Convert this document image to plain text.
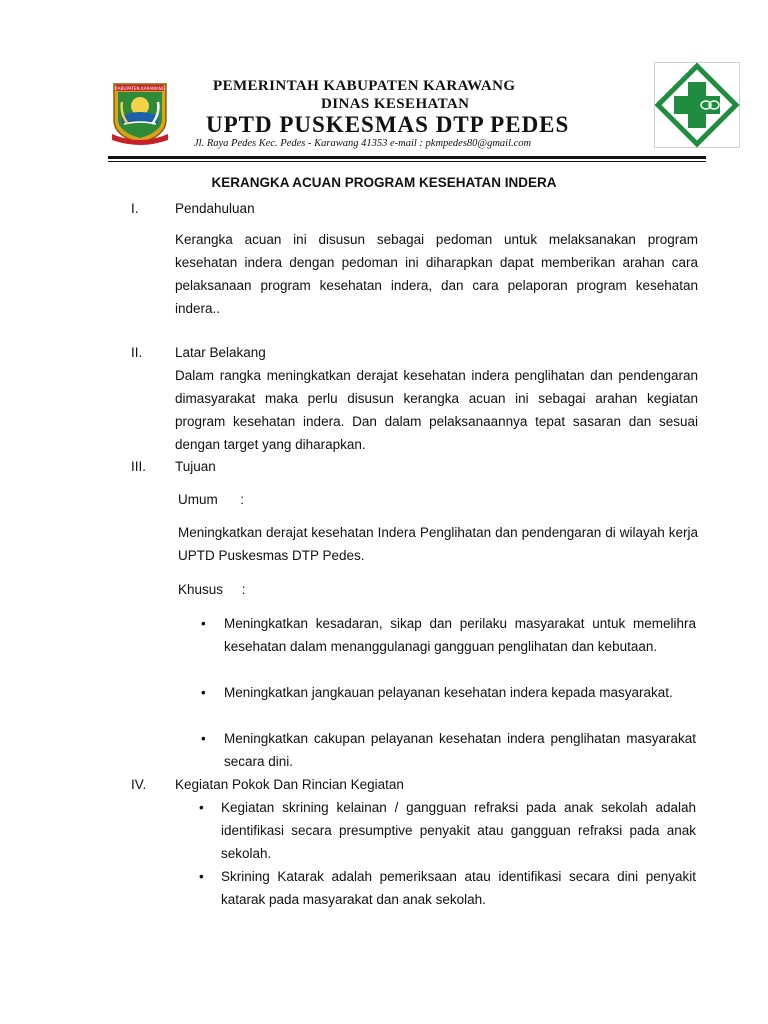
KABUPATEN KARAWANG	PEMERINTAH KABUPATEN KARAWANG
DINAS KESEHATAN
UPTD PUSKESMAS DTP PEDES
Jl. Raya Pedes Kec. Pedes - Karawang 41353 e-mail : pkmpedes80@gmail.com
KERANGKA ACUAN PROGRAM KESEHATAN INDERA
I.	Pendahuluan
Kerangka acuan ini disusun sebagai pedoman untuk melaksanakan program kesehatan indera dengan pedoman ini diharapkan dapat memberikan arahan cara pelaksanaan program kesehatan indera, dan cara pelaporan program kesehatan indera..
II. Latar Belakang
Dalam rangka meningkatkan derajat kesehatan indera penglihatan dan pendengaran dimasyarakat maka perlu disusun kerangka acuan ini sebagai arahan kegiatan program kesehatan indera. Dan dalam pelaksanaannya tepat sasaran dan sesuai dengan target yang diharapkan.
III. Tujuan
Umum      :
Meningkatkan derajat kesehatan Indera Penglihatan dan pendengaran di wilayah kerja UPTD Puskesmas DTP Pedes.
Khusus     :
• Meningkatkan kesadaran, sikap dan perilaku masyarakat untuk memelihra kesehatan dalam menanggulanagi gangguan penglihatan dan kebutaan.
• Meningkatkan jangkauan pelayanan kesehatan indera kepada masyarakat.
• Meningkatkan cakupan pelayanan kesehatan indera penglihatan masyarakat secara dini.
IV. Kegiatan Pokok Dan Rincian Kegiatan
• Kegiatan skrining kelainan / gangguan refraksi pada anak sekolah adalah identifikasi secara presumptive penyakit atau gangguan refraksi pada anak sekolah.
• Skrining Katarak adalah pemeriksaan atau identifikasi secara dini penyakit katarak pada masyarakat dan anak sekolah.
